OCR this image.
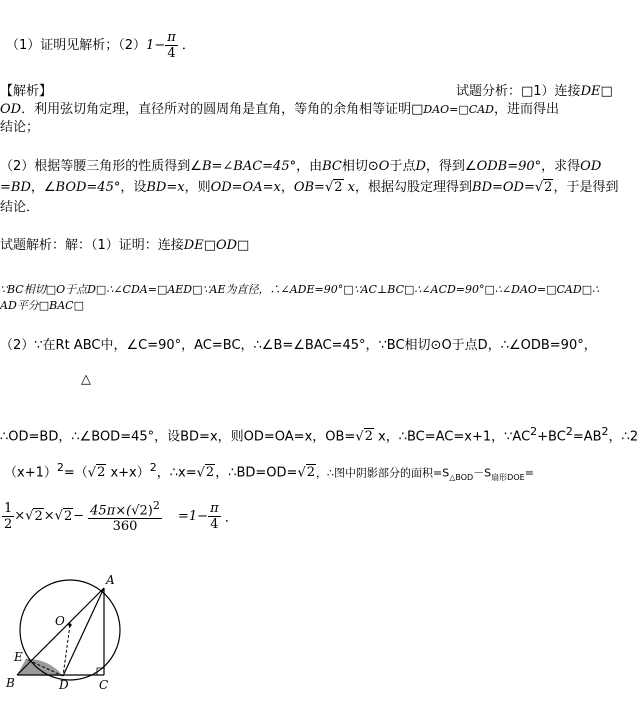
（1）证明见解析；$(2)1- \frac{\pi}{4}$ ．
【解析】	试题分析：□1）连接DE□
OD．利用弦切角定理，直径所对的圆周角是直角，等角的余角相等证明□DAO=□CAD，进而得出
结论；
（2）根据等腰三角形的性质得到∠B=∠BAC=45°，由BC相切⊙O于点D，得到∠ODB=90°，求得OD
=BD，∠BOD=45°，设BD=x，则OD=OA=x，OB=√2 x，根据勾股定理得到BD=OD=√2，于是得到
结论．
试题解析：解：（1）证明：连接DE□OD□
∵BC相切□O于点D□∴∠CDA=□AED□∵AE为直径，∴∠ADE=90°□∵AC⊥BC□∴∠ACD=90°□∴∠DAO=□CAD□∴
AD平分□BAC□
（2）∵在Rt ABC中，∠C=90°，AC=BC，∴∠B=∠BAC=45°，∵BC相切⊙O于点D，∴∠ODB=90°，
△
∴OD=BD，∴∠BOD=45°，设BD=x，则OD=OA=x，OB=√2 x，∴BC=AC=x+1，$\because AC^2+BC^2=AB^2$，∴2
$(x+1)^2=(√2$ x+x）$^2$，∴x=√2，∴BD=OD=√2，∴图中阴影部分的面积$=S_{\triangle BOD}-S_{扇形DOE}=$
$\frac{1}{2} \times√2\times√2- \frac{45\pi\times(√2)^2}{360} =1- \frac{\pi}{4}$ ．
A
O
E
B	D	C
